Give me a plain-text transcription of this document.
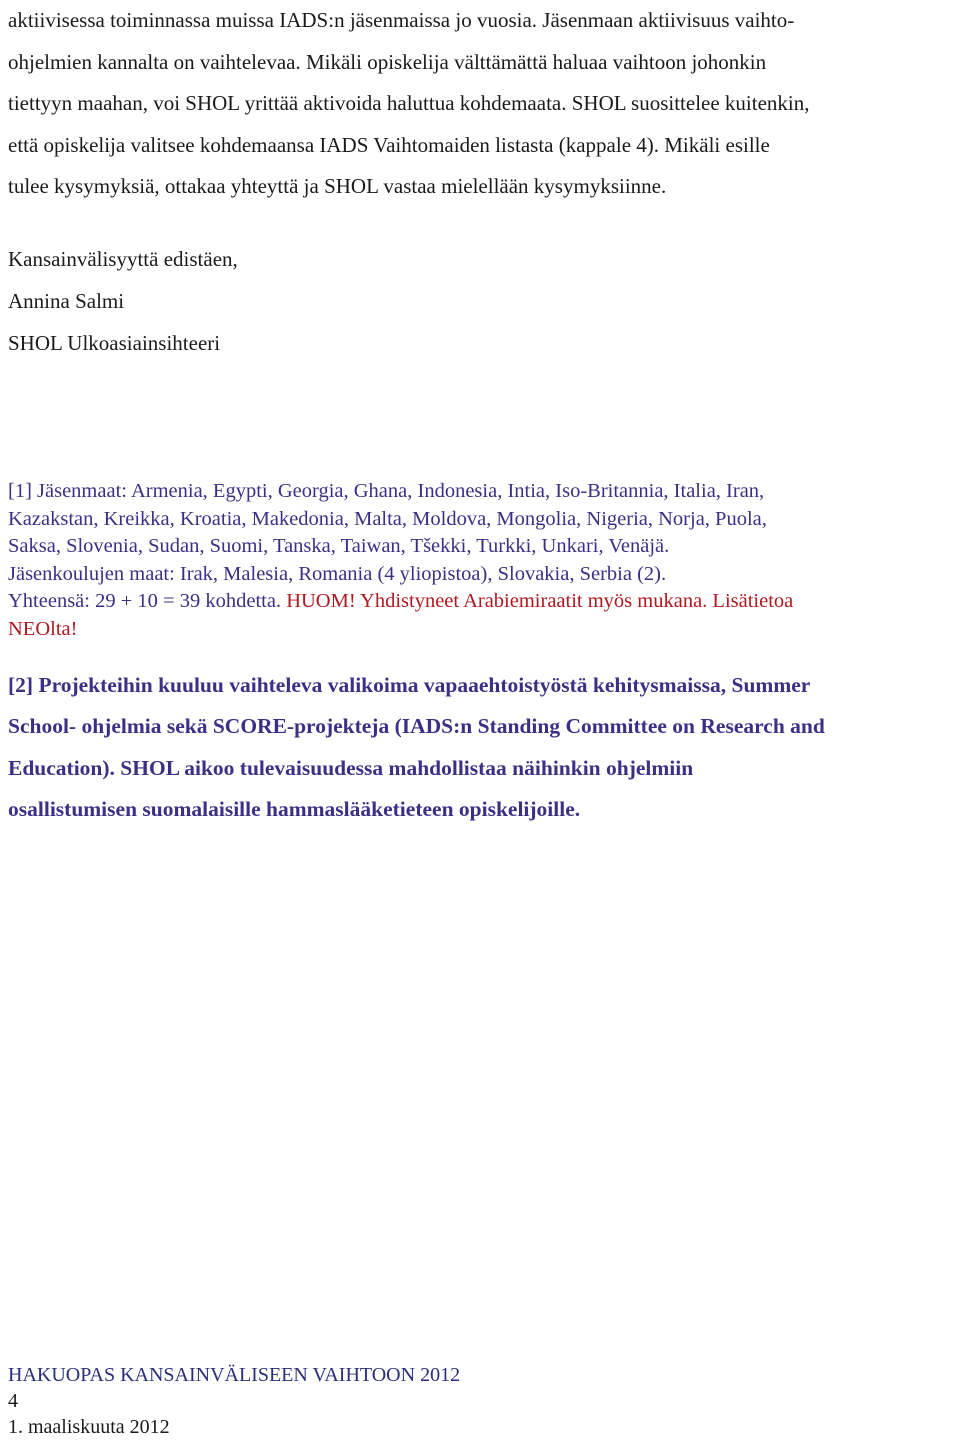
aktiivisessa toiminnassa muissa IADS:n jäsenmaissa jo vuosia. Jäsenmaan aktiivisuus vaihto-
ohjelmien kannalta on vaihtelevaa. Mikäli opiskelija välttämättä haluaa vaihtoon johonkin
tiettyyn maahan, voi SHOL yrittää aktivoida haluttua kohdemaata. SHOL suosittelee kuitenkin,
että opiskelija valitsee kohdemaansa IADS Vaihtomaiden listasta (kappale 4). Mikäli esille
tulee kysymyksiä, ottakaa yhteyttä ja SHOL vastaa mielellään kysymyksiinne.
Kansainvälisyyttä edistäen,
Annina Salmi
SHOL Ulkoasiainsihteeri
[1] Jäsenmaat: Armenia, Egypti, Georgia, Ghana, Indonesia, Intia, Iso-Britannia, Italia, Iran,
Kazakstan, Kreikka, Kroatia, Makedonia, Malta, Moldova, Mongolia, Nigeria, Norja, Puola,
Saksa, Slovenia, Sudan, Suomi, Tanska, Taiwan, Tšekki, Turkki, Unkari, Venäjä.
Jäsenkoulujen maat: Irak, Malesia, Romania (4 yliopistoa), Slovakia, Serbia (2).
Yhteensä: 29 + 10 = 39 kohdetta. HUOM! Yhdistyneet Arabiemiraatit myös mukana. Lisätietoa
NEOlta!
[2] Projekteihin kuuluu vaihteleva valikoima vapaaehtoistyöstä kehitysmaissa, Summer
School- ohjelmia sekä SCORE-projekteja (IADS:n Standing Committee on Research and
Education). SHOL aikoo tulevaisuudessa mahdollistaa näihinkin ohjelmiin
osallistumisen suomalaisille hammaslääketieteen opiskelijoille.
HAKUOPAS KANSAINVÄLISEEN VAIHTOON 2012
4
1. maaliskuuta 2012
